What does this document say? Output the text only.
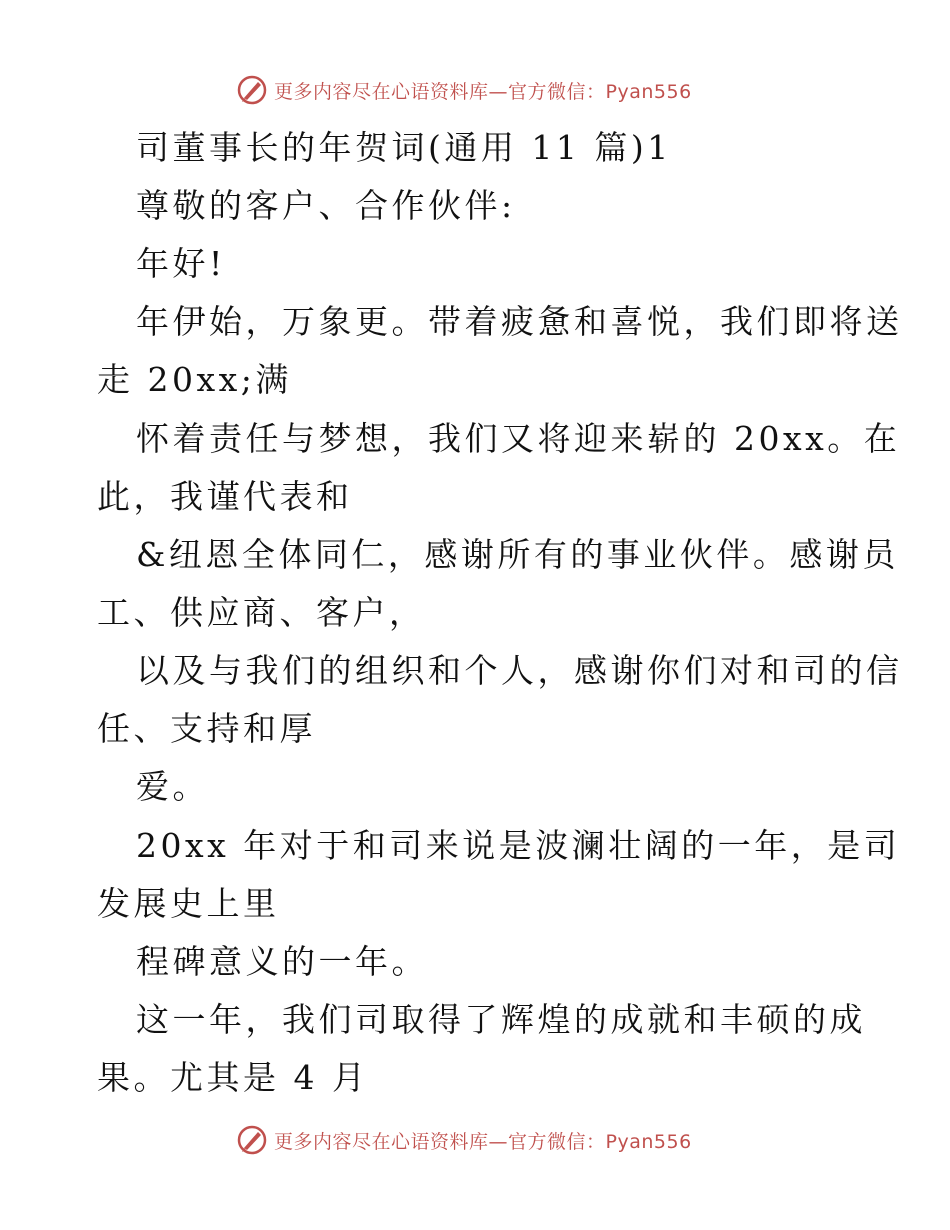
更多内容尽在心语资料库—官方微信：Pyan556
司董事长的年贺词(通用 11 篇)1
尊敬的客户、合作伙伴:
年好!
年伊始，万象更。带着疲惫和喜悦，我们即将送
走 20xx;满
怀着责任与梦想，我们又将迎来崭的 20xx。在
此，我谨代表和
&纽恩全体同仁，感谢所有的事业伙伴。感谢员
工、供应商、客户，
以及与我们的组织和个人，感谢你们对和司的信
任、支持和厚
爱。
20xx 年对于和司来说是波澜壮阔的一年，是司
发展史上里
程碑意义的一年。
这一年，我们司取得了辉煌的成就和丰硕的成
果。尤其是 4 月
更多内容尽在心语资料库—官方微信：Pyan556
